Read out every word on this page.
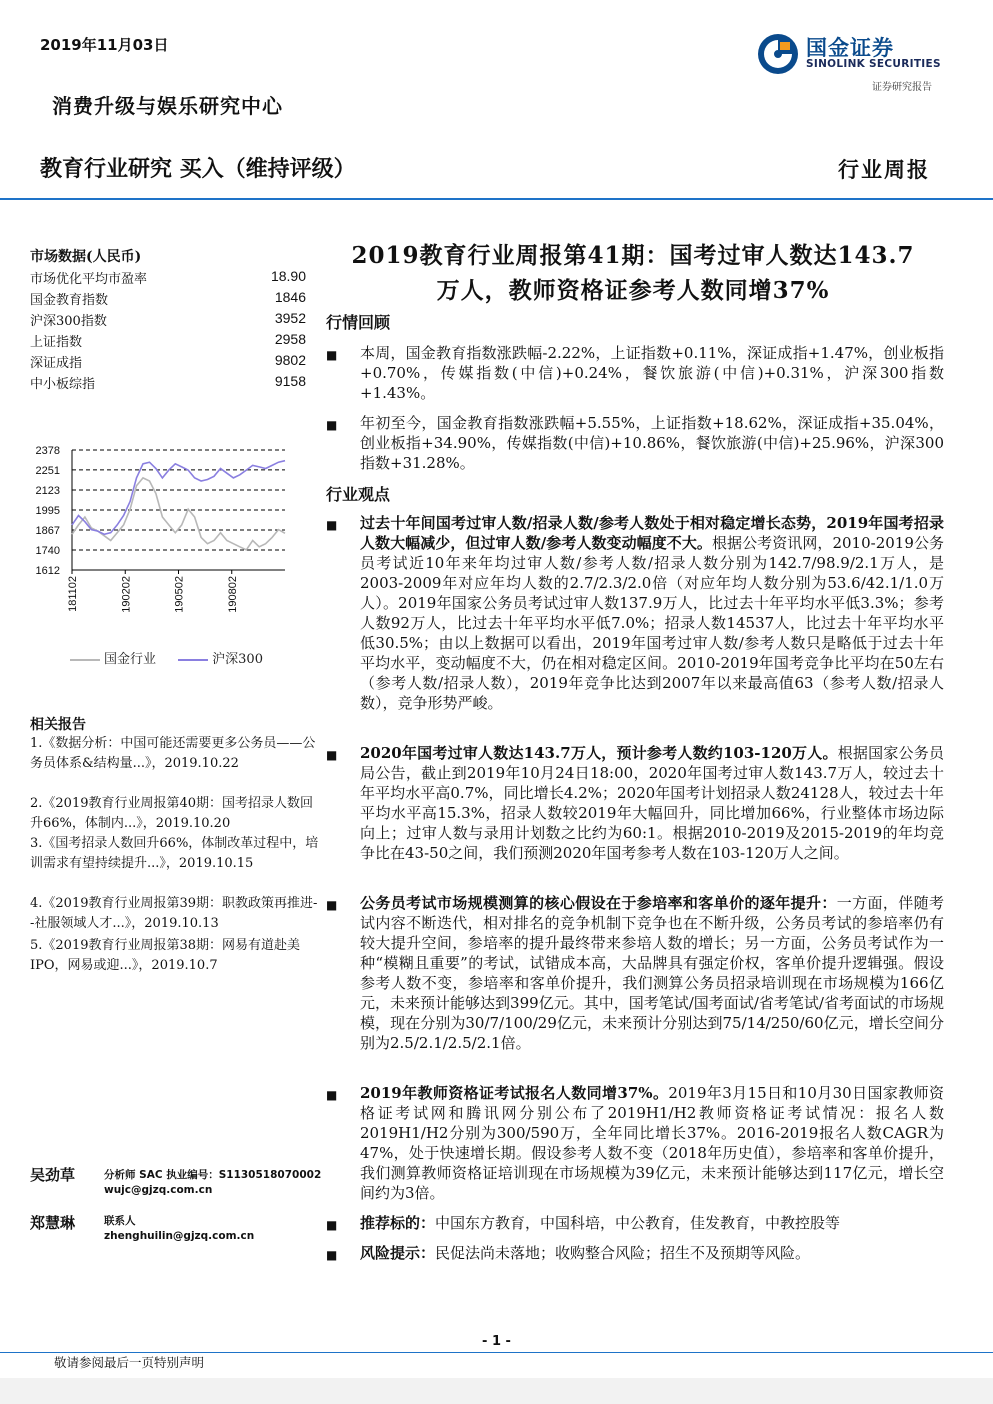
2019年11月03日
消费升级与娱乐研究中心
国金证券
SINOLINK SECURITIES
证券研究报告
教育行业研究 买入（维持评级）	行业周报
市场数据(人民币)
市场优化平均市盈率	18.90
国金教育指数	1846
沪深300指数	3952
上证指数	2958
深证成指	9802
中小板综指	9158
1612
1740
1867
1995
2123
2251
2378
181102	190202	190502	190802
国金行业	沪深300
相关报告
1.《数据分析：中国可能还需要更多公务员——公务员体系&结构量...》，2019.10.22
2.《2019教育行业周报第40期：国考招录人数回升66%，体制内...》，2019.10.20
3.《国考招录人数回升66%，体制改革过程中，培训需求有望持续提升...》，2019.10.15
4.《2019教育行业周报第39期：职教政策再推进--社服领域人才...》，2019.10.13
5.《2019教育行业周报第38期：网易有道赴美IPO，网易或迎...》，2019.10.7
吴劲草	分析师 SAC 执业编号：S1130518070002
wujc@gjzq.com.cn
郑慧琳	联系人
zhenghuilin@gjzq.com.cn
2019教育行业周报第41期：国考过审人数达143.7
万人，教师资格证参考人数同增37%
行情回顾
■ 本周，国金教育指数涨跌幅-2.22%，上证指数+0.11%，深证成指+1.47%，创业板指+0.70%，传媒指数(中信)+0.24%，餐饮旅游(中信)+0.31%，沪深300指数+1.43%。
■ 年初至今，国金教育指数涨跌幅+5.55%，上证指数+18.62%，深证成指+35.04%，创业板指+34.90%，传媒指数(中信)+10.86%，餐饮旅游(中信)+25.96%，沪深300指数+31.28%。
行业观点
■ 过去十年间国考过审人数/招录人数/参考人数处于相对稳定增长态势，2019年国考招录人数大幅减少，但过审人数/参考人数变动幅度不大。根据公考资讯网，2010-2019公务员考试近10年来年均过审人数/参考人数/招录人数分别为142.7/98.9/2.1万人，是2003-2009年对应年均人数的2.7/2.3/2.0倍（对应年均人数分别为53.6/42.1/1.0万人）。2019年国家公务员考试过审人数137.9万人，比过去十年平均水平低3.3%；参考人数92万人，比过去十年平均水平低7.0%；招录人数14537人，比过去十年平均水平低30.5%；由以上数据可以看出，2019年国考过审人数/参考人数只是略低于过去十年平均水平，变动幅度不大，仍在相对稳定区间。2010-2019年国考竞争比平均在50左右（参考人数/招录人数），2019年竞争比达到2007年以来最高值63（参考人数/招录人数），竞争形势严峻。
■ 2020年国考过审人数达143.7万人，预计参考人数约103-120万人。根据国家公务员局公告，截止到2019年10月24日18:00，2020年国考过审人数143.7万人，较过去十年平均水平高0.7%，同比增长4.2%；2020年国考计划招录人数24128人，较过去十年平均水平高15.3%，招录人数较2019年大幅回升，同比增加66%，行业整体市场边际向上；过审人数与录用计划数之比约为60:1。根据2010-2019及2015-2019的年均竞争比在43-50之间，我们预测2020年国考参考人数在103-120万人之间。
■ 公务员考试市场规模测算的核心假设在于参培率和客单价的逐年提升：一方面，伴随考试内容不断迭代，相对排名的竞争机制下竞争也在不断升级，公务员考试的参培率仍有较大提升空间，参培率的提升最终带来参培人数的增长；另一方面，公务员考试作为一种“模糊且重要”的考试，试错成本高，大品牌具有强定价权，客单价提升逻辑强。假设参考人数不变，参培率和客单价提升，我们测算公务员招录培训现在市场规模为166亿元，未来预计能够达到399亿元。其中，国考笔试/国考面试/省考笔试/省考面试的市场规模，现在分别为30/7/100/29亿元，未来预计分别达到75/14/250/60亿元，增长空间分别为2.5/2.1/2.5/2.1倍。
■ 2019年教师资格证考试报名人数同增37%。2019年3月15日和10月30日国家教师资格证考试网和腾讯网分别公布了2019H1/H2教师资格证考试情况：报名人数2019H1/H2分别为300/590万，全年同比增长37%。2016-2019报名人数CAGR为47%，处于快速增长期。假设参考人数不变（2018年历史值），参培率和客单价提升，我们测算教师资格证培训现在市场规模为39亿元，未来预计能够达到117亿元，增长空间约为3倍。
■ 推荐标的：中国东方教育，中国科培，中公教育，佳发教育，中教控股等
■ 风险提示：民促法尚未落地；收购整合风险；招生不及预期等风险。
- 1 -
敬请参阅最后一页特别声明
